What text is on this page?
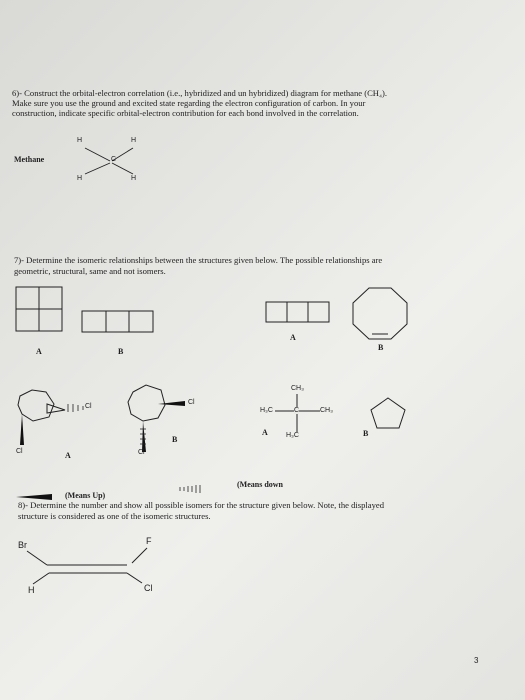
6)- Construct the orbital-electron correlation (i.e., hybridized and un hybridized) diagram for methane (CH₄).
Make sure you use the ground and excited state regarding the electron configuration of carbon. In your
construction, indicate specific orbital-electron contribution for each bond involved in the correlation.
Methane
H	H
C
H	H
7)- Determine the isomeric relationships between the structures given below. The possible relationships are
geometric, structural, same and not isomers.
A	B
A
B
Cl
Cl	A
Cl
Cl
B
CH₃
H₃C	C	CH₃
H₃C
A	B
(Means Up)
(Means down
8)- Determine the number and show all possible isomers for the structure given below. Note, the displayed
structure is considered as one of the isomeric structures.
Br	F
H	Cl
3
